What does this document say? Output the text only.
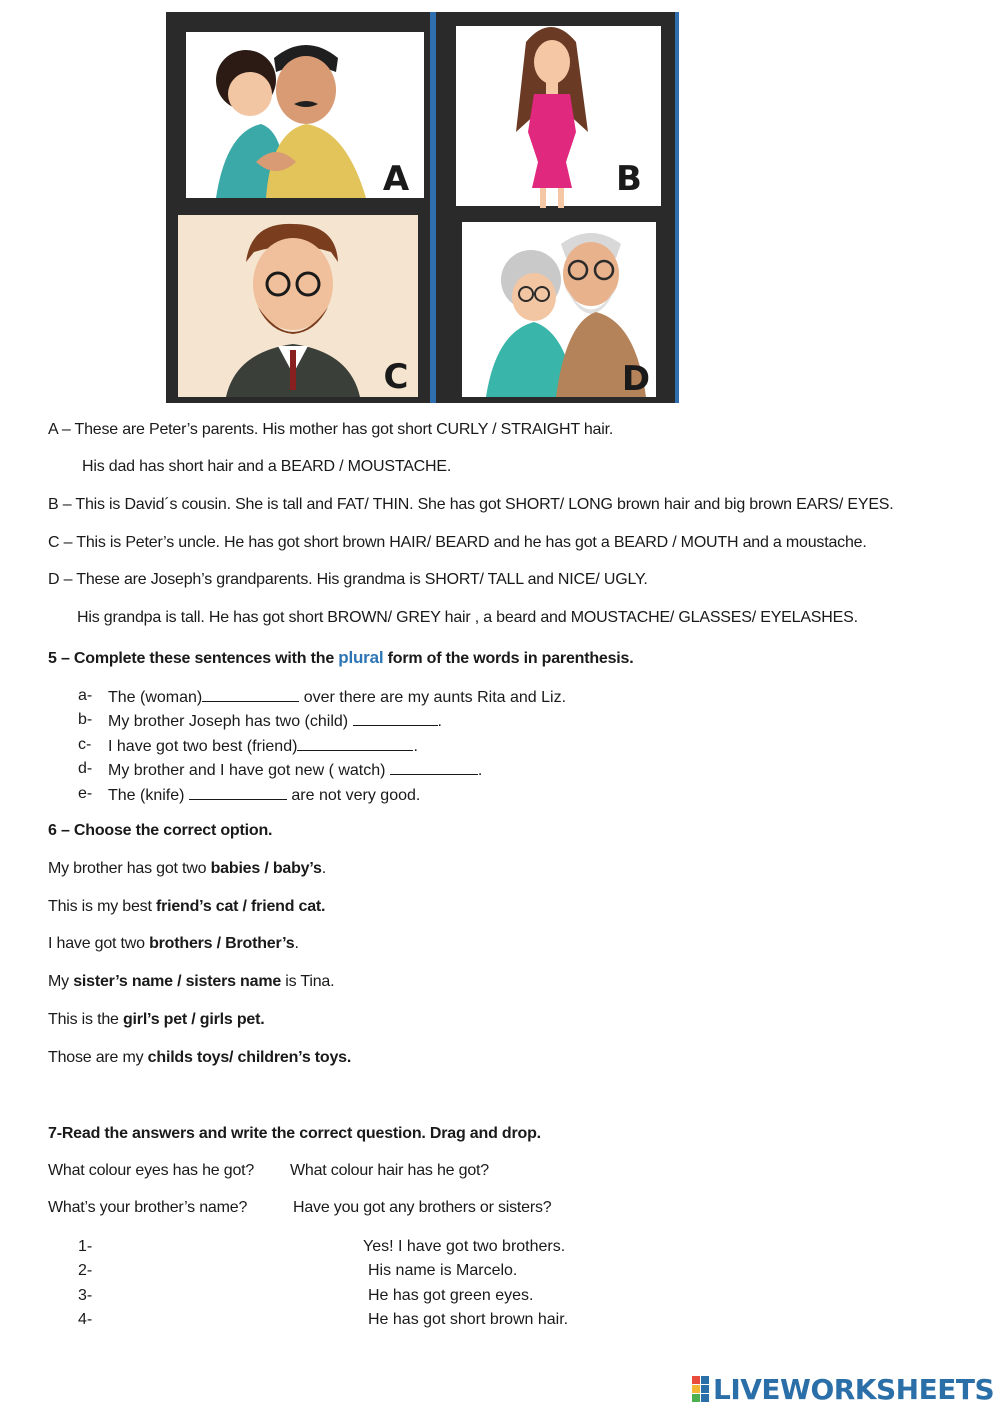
A	B
C	D
A – These are Peter’s parents. His mother has got short CURLY / STRAIGHT hair.
His dad has short hair and a BEARD / MOUSTACHE.
B – This is David´s cousin. She is tall and FAT/ THIN. She has got SHORT/ LONG brown hair and big brown EARS/ EYES.
C – This is Peter’s uncle. He has got short brown HAIR/ BEARD and he has got a BEARD / MOUTH and a moustache.
D – These are Joseph’s grandparents. His grandma is SHORT/ TALL and NICE/ UGLY.
His grandpa is tall. He has got short BROWN/ GREY hair , a beard and MOUSTACHE/ GLASSES/ EYELASHES.
5 – Complete these sentences with the plural form of the words in parenthesis.
a- The (woman)	over there are my aunts Rita and Liz.
b- My brother Joseph has two (child)	.
c- I have got two best (friend)	.
d- My brother and I have got new ( watch)	.
e- The (knife)	are not very good.
6 – Choose the correct option.
My brother has got two babies / baby’s.
This is my best friend’s cat / friend cat.
I have got two brothers / Brother’s.
My sister’s name / sisters name is Tina.
This is the girl’s pet / girls pet.
Those are my childs toys/ children’s toys.
7-Read the answers and write the correct question. Drag and drop.
What colour eyes has he got? What colour hair has he got?
What’s your brother’s name?	Have you got any brothers or sisters?
1-	Yes! I have got two brothers.
2-	His name is Marcelo.
3-	He has got green eyes.
4-	He has got short brown hair.
LIVEWORKSHEETS
